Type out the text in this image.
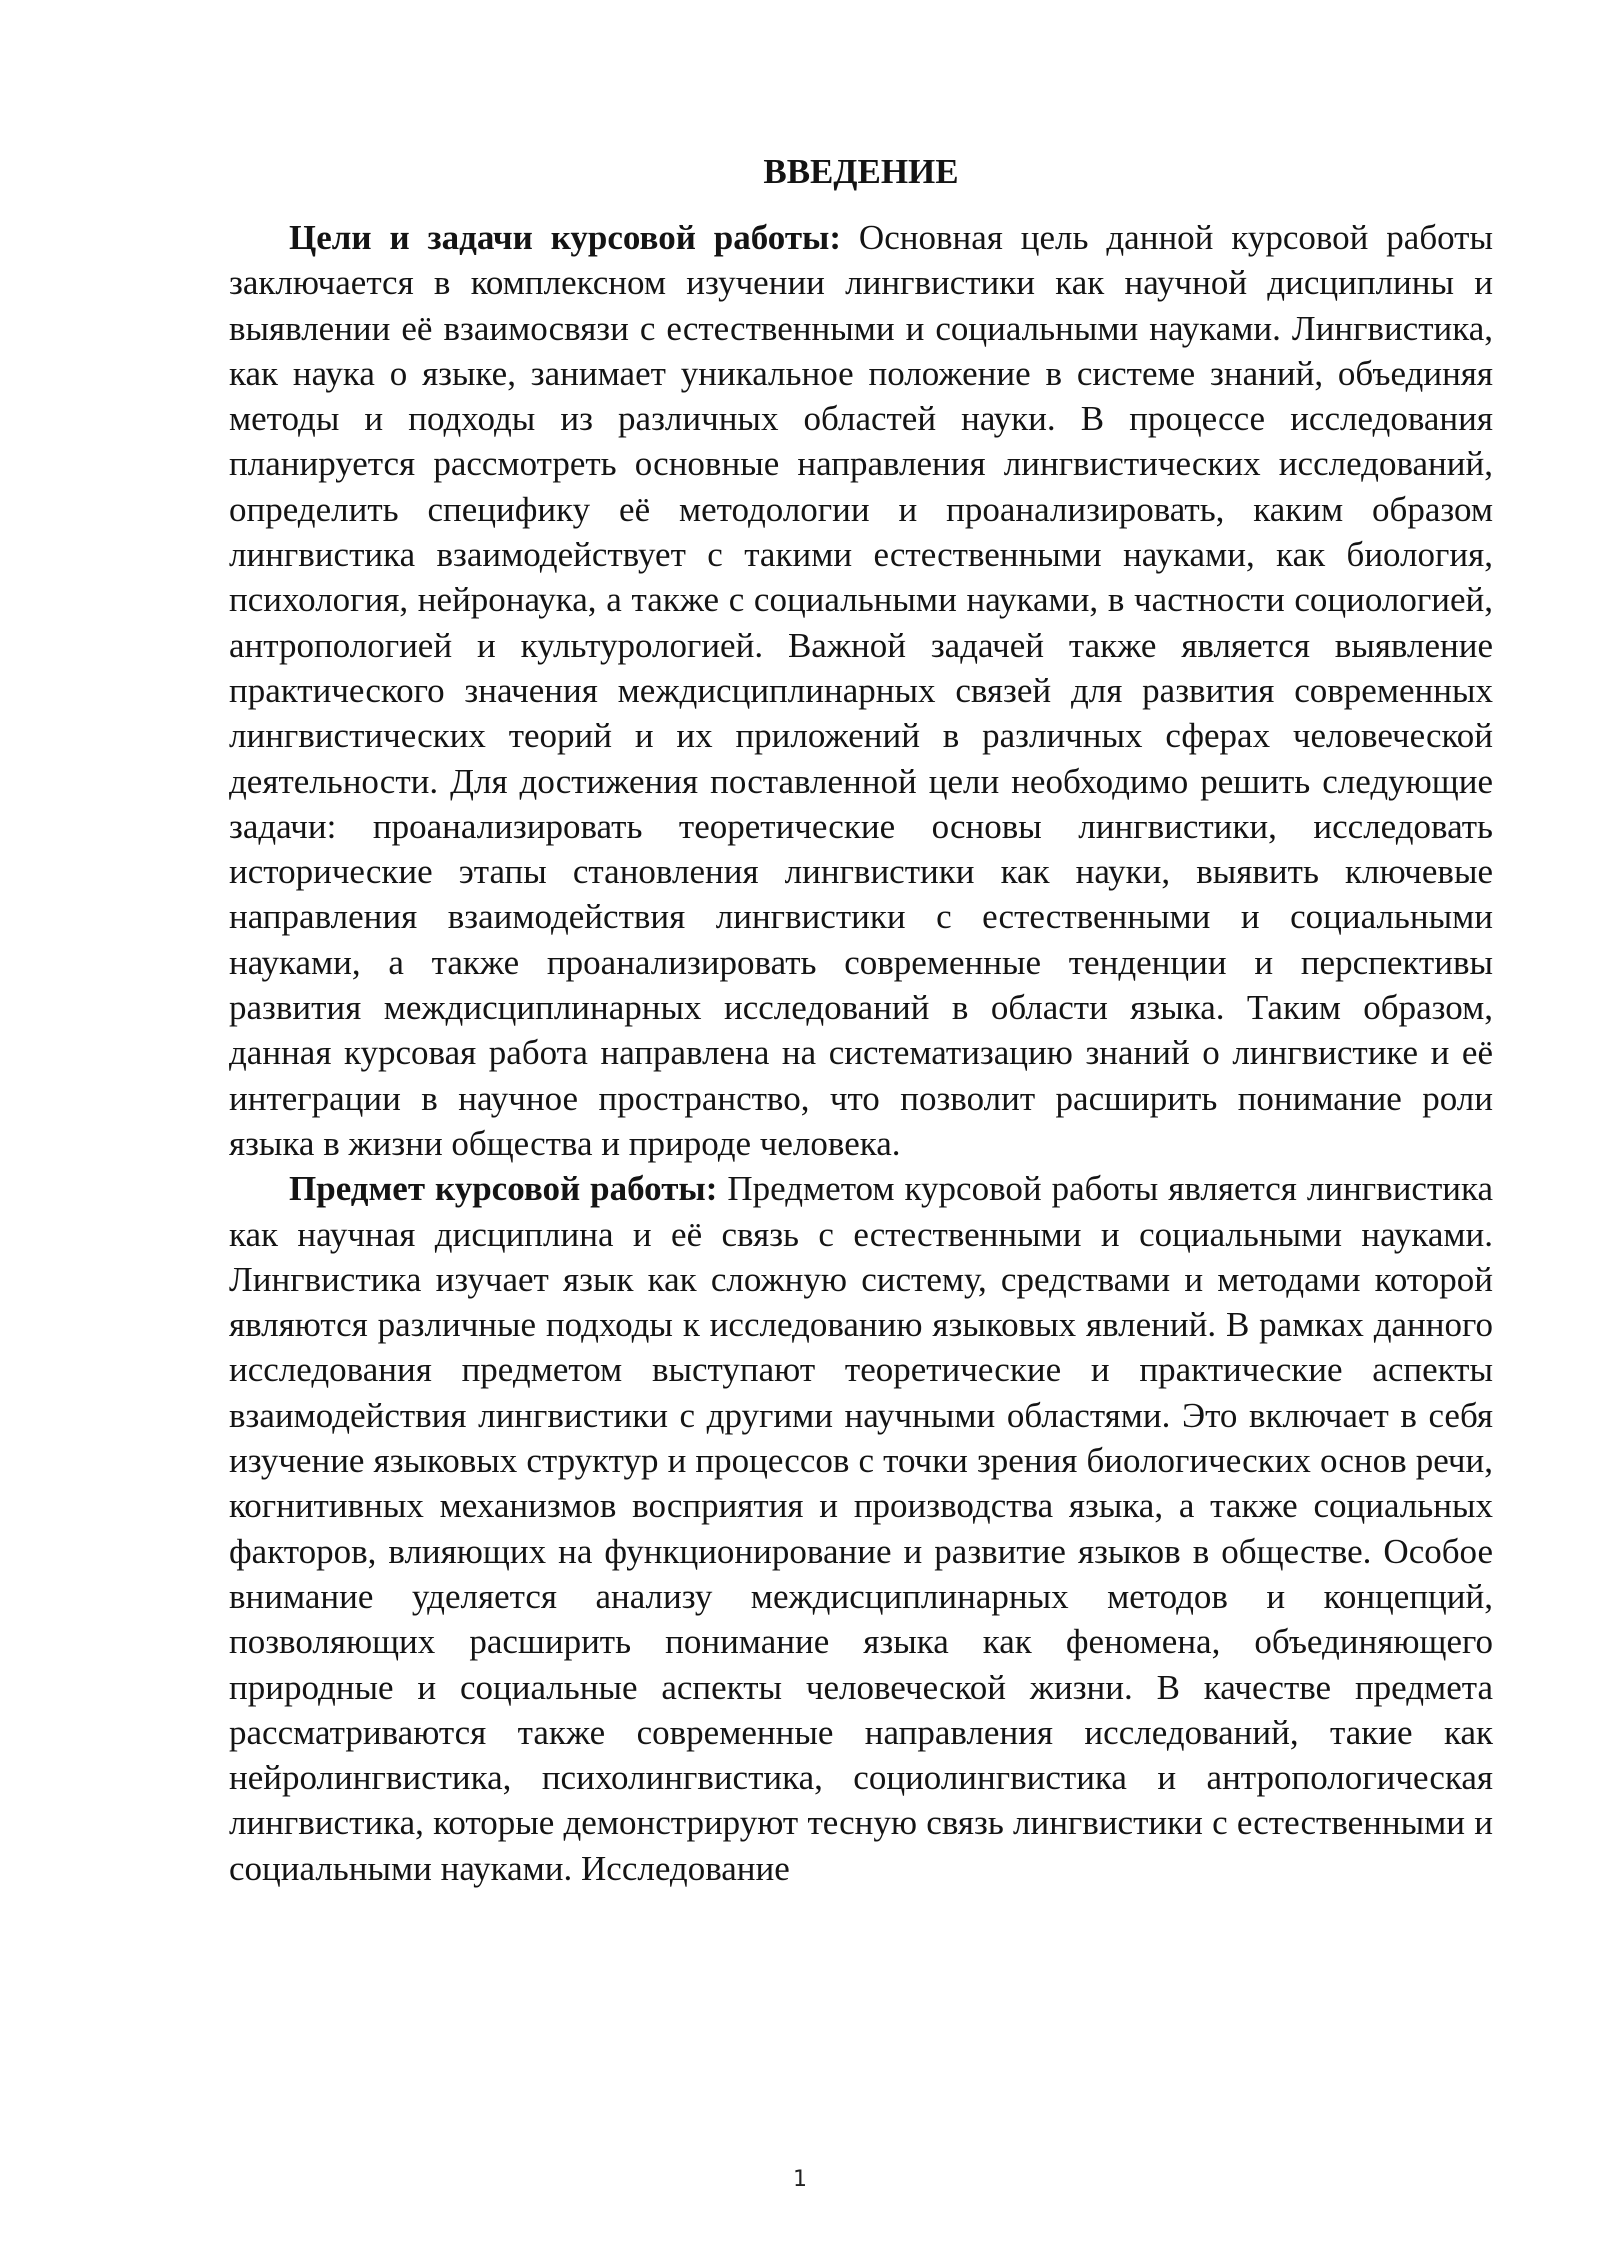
ВВЕДЕНИЕ

Цели и задачи курсовой работы: Основная цель данной курсовой работы заключается в комплексном изучении лингвистики как научной дисциплины и выявлении её взаимосвязи с естественными и социальными науками. Лингвистика, как наука о языке, занимает уникальное положение в системе знаний, объединяя методы и подходы из различных областей науки. В процессе исследования планируется рассмотреть основные направления лингвистических исследований, определить специфику её методологии и проанализировать, каким образом лингвистика взаимодействует с такими естественными науками, как биология, психология, нейронаука, а также с социальными науками, в частности социологией, антропологией и культурологией. Важной задачей также является выявление практического значения междисциплинарных связей для развития современных лингвистических теорий и их приложений в различных сферах человеческой деятельности. Для достижения поставленной цели необходимо решить следующие задачи: проанализировать теоретические основы лингвистики, исследовать исторические этапы становления лингвистики как науки, выявить ключевые направления взаимодействия лингвистики с естественными и социальными науками, а также проанализировать современные тенденции и перспективы развития междисциплинарных исследований в области языка. Таким образом, данная курсовая работа направлена на систематизацию знаний о лингвистике и её интеграции в научное пространство, что позволит расширить понимание роли языка в жизни общества и природе человека.

Предмет курсовой работы: Предметом курсовой работы является лингвистика как научная дисциплина и её связь с естественными и социальными науками. Лингвистика изучает язык как сложную систему, средствами и методами которой являются различные подходы к исследованию языковых явлений. В рамках данного исследования предметом выступают теоретические и практические аспекты взаимодействия лингвистики с другими научными областями. Это включает в себя изучение языковых структур и процессов с точки зрения биологических основ речи, когнитивных механизмов восприятия и производства языка, а также социальных факторов, влияющих на функционирование и развитие языков в обществе. Особое внимание уделяется анализу междисциплинарных методов и концепций, позволяющих расширить понимание языка как феномена, объединяющего природные и социальные аспекты человеческой жизни. В качестве предмета рассматриваются также современные направления исследований, такие как нейролингвистика, психолингвистика, социолингвистика и антропологическая лингвистика, которые демонстрируют тесную связь лингвистики с естественными и социальными науками. Исследование

1
